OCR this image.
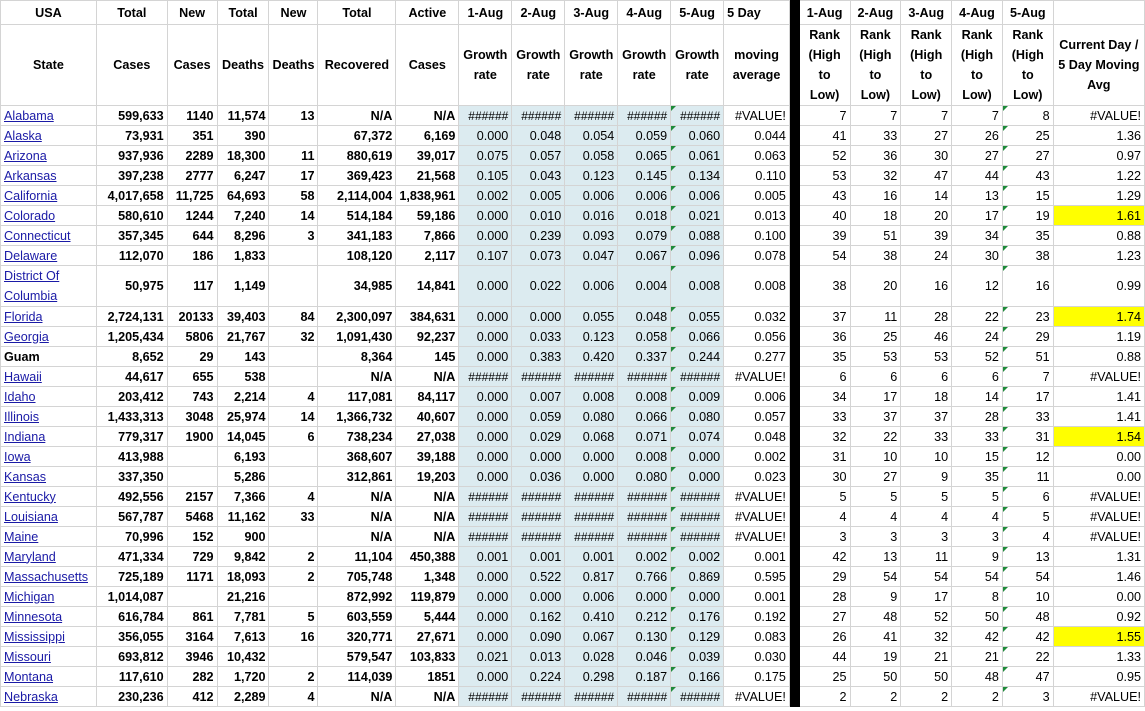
USA	Total	New	Total	New	Total	Active	1-Aug	2-Aug	3-Aug	4-Aug	5-Aug	5 Day		1-Aug	2-Aug	3-Aug	4-Aug	5-Aug	
State	Cases	Cases	Deaths	Deaths	Recovered	Cases	Growth rate	Growth rate	Growth rate	Growth rate	Growth rate	moving average		Rank (High to Low)	Rank (High to Low)	Rank (High to Low)	Rank (High to Low)	Rank (High to Low)	Current Day / 5 Day Moving Avg
Alabama	599,633	1140	11,574	13	N/A	N/A	######	######	######	######	######	#VALUE!		7	7	7	7	8	#VALUE!
Alaska	73,931	351	390		67,372	6,169	0.000	0.048	0.054	0.059	0.060	0.044		41	33	27	26	25	1.36
Arizona	937,936	2289	18,300	11	880,619	39,017	0.075	0.057	0.058	0.065	0.061	0.063		52	36	30	27	27	0.97
Arkansas	397,238	2777	6,247	17	369,423	21,568	0.105	0.043	0.123	0.145	0.134	0.110		53	32	47	44	43	1.22
California	4,017,658	11,725	64,693	58	2,114,004	1,838,961	0.002	0.005	0.006	0.006	0.006	0.005		43	16	14	13	15	1.29
Colorado	580,610	1244	7,240	14	514,184	59,186	0.000	0.010	0.016	0.018	0.021	0.013		40	18	20	17	19	1.61
Connecticut	357,345	644	8,296	3	341,183	7,866	0.000	0.239	0.093	0.079	0.088	0.100		39	51	39	34	35	0.88
Delaware	112,070	186	1,833		108,120	2,117	0.107	0.073	0.047	0.067	0.096	0.078		54	38	24	30	38	1.23
District Of Columbia	50,975	117	1,149		34,985	14,841	0.000	0.022	0.006	0.004	0.008	0.008		38	20	16	12	16	0.99
Florida	2,724,131	20133	39,403	84	2,300,097	384,631	0.000	0.000	0.055	0.048	0.055	0.032		37	11	28	22	23	1.74
Georgia	1,205,434	5806	21,767	32	1,091,430	92,237	0.000	0.033	0.123	0.058	0.066	0.056		36	25	46	24	29	1.19
Guam	8,652	29	143		8,364	145	0.000	0.383	0.420	0.337	0.244	0.277		35	53	53	52	51	0.88
Hawaii	44,617	655	538		N/A	N/A	######	######	######	######	######	#VALUE!		6	6	6	6	7	#VALUE!
Idaho	203,412	743	2,214	4	117,081	84,117	0.000	0.007	0.008	0.008	0.009	0.006		34	17	18	14	17	1.41
Illinois	1,433,313	3048	25,974	14	1,366,732	40,607	0.000	0.059	0.080	0.066	0.080	0.057		33	37	37	28	33	1.41
Indiana	779,317	1900	14,045	6	738,234	27,038	0.000	0.029	0.068	0.071	0.074	0.048		32	22	33	33	31	1.54
Iowa	413,988		6,193		368,607	39,188	0.000	0.000	0.000	0.008	0.000	0.002		31	10	10	15	12	0.00
Kansas	337,350		5,286		312,861	19,203	0.000	0.036	0.000	0.080	0.000	0.023		30	27	9	35	11	0.00
Kentucky	492,556	2157	7,366	4	N/A	N/A	######	######	######	######	######	#VALUE!		5	5	5	5	6	#VALUE!
Louisiana	567,787	5468	11,162	33	N/A	N/A	######	######	######	######	######	#VALUE!		4	4	4	4	5	#VALUE!
Maine	70,996	152	900		N/A	N/A	######	######	######	######	######	#VALUE!		3	3	3	3	4	#VALUE!
Maryland	471,334	729	9,842	2	11,104	450,388	0.001	0.001	0.001	0.002	0.002	0.001		42	13	11	9	13	1.31
Massachusetts	725,189	1171	18,093	2	705,748	1,348	0.000	0.522	0.817	0.766	0.869	0.595		29	54	54	54	54	1.46
Michigan	1,014,087		21,216		872,992	119,879	0.000	0.000	0.006	0.000	0.000	0.001		28	9	17	8	10	0.00
Minnesota	616,784	861	7,781	5	603,559	5,444	0.000	0.162	0.410	0.212	0.176	0.192		27	48	52	50	48	0.92
Mississippi	356,055	3164	7,613	16	320,771	27,671	0.000	0.090	0.067	0.130	0.129	0.083		26	41	32	42	42	1.55
Missouri	693,812	3946	10,432		579,547	103,833	0.021	0.013	0.028	0.046	0.039	0.030		44	19	21	21	22	1.33
Montana	117,610	282	1,720	2	114,039	1851	0.000	0.224	0.298	0.187	0.166	0.175		25	50	50	48	47	0.95
Nebraska	230,236	412	2,289	4	N/A	N/A	######	######	######	######	######	#VALUE!		2	2	2	2	3	#VALUE!
